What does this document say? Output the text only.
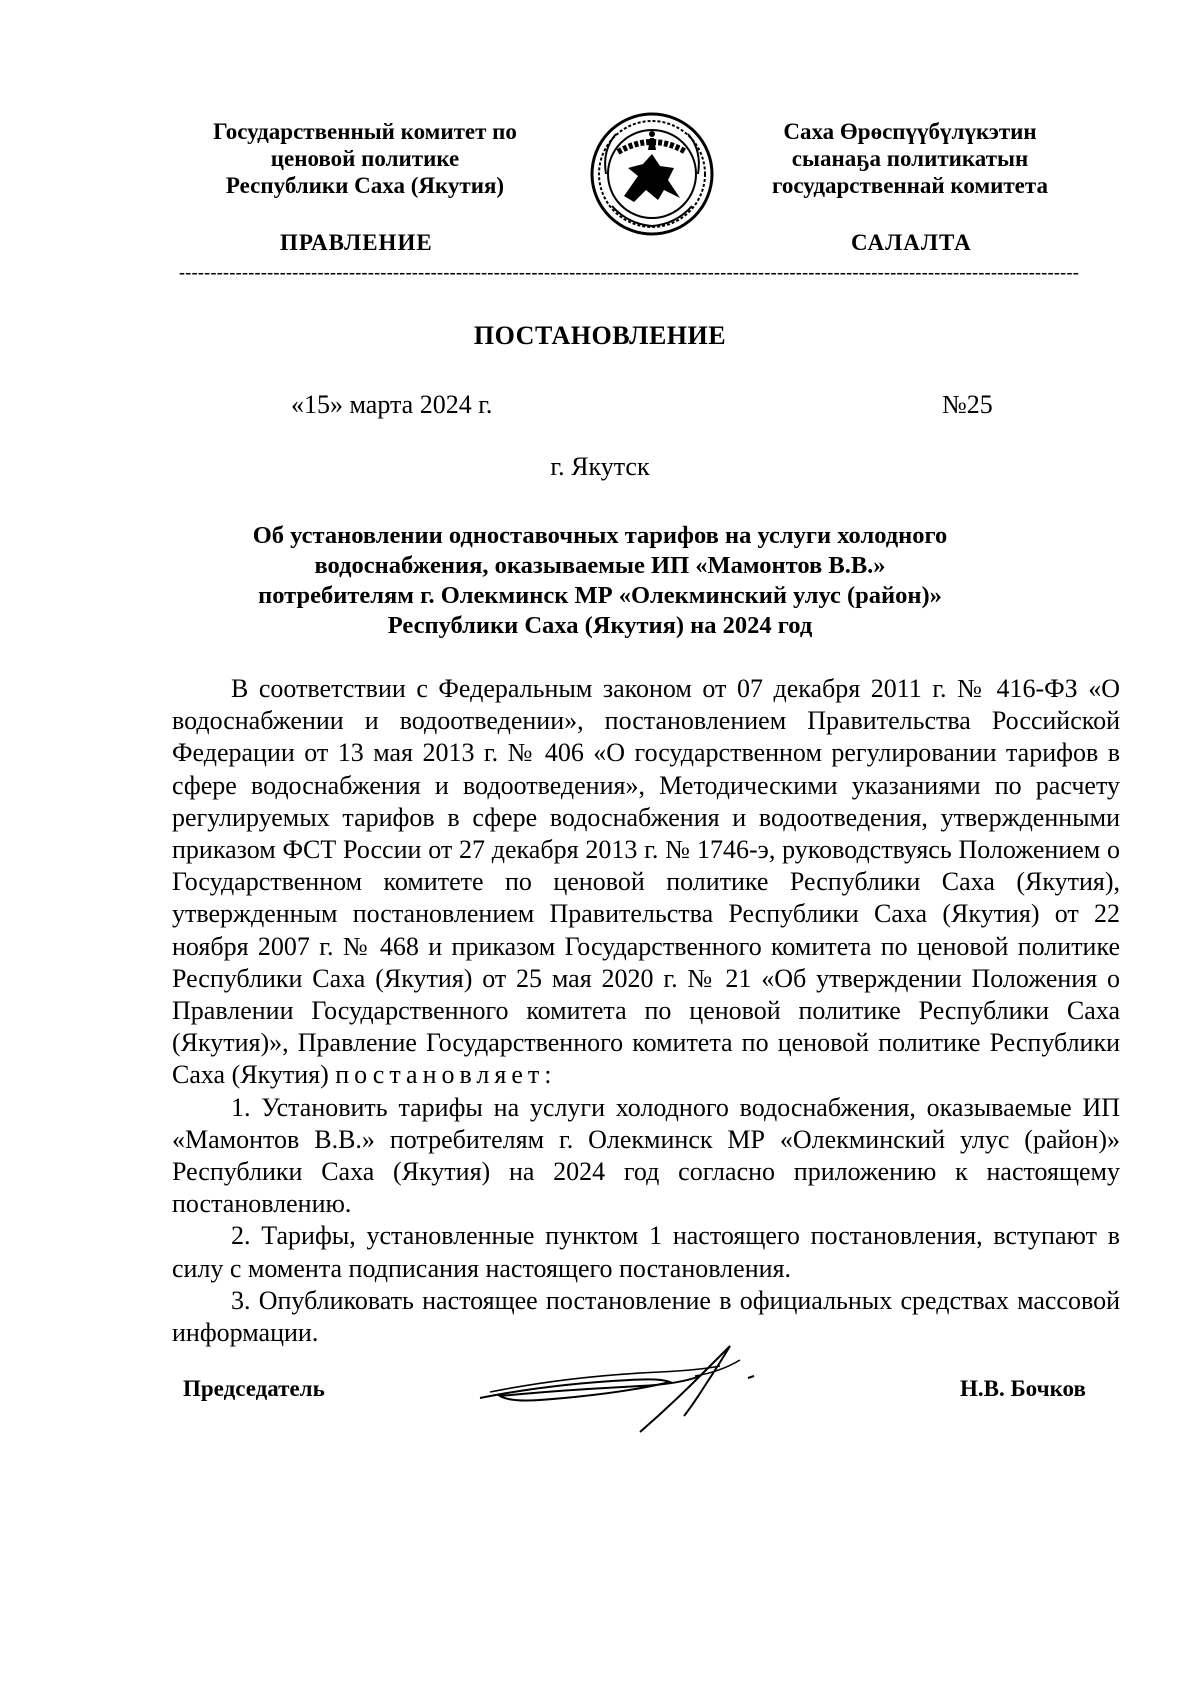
Государственный комитет по
ценовой политике
Республики Саха (Якутия)
Саха Өрөспүүбүлүкэтин
сыанаҕа политикатын
государственнай комитета
ПРАВЛЕНИЕ	САЛАЛТА
-----------------------------------------------------------------------------------------------------------------------------------------------
ПОСТАНОВЛЕНИЕ
«15» марта 2024 г.	№25
г. Якутск
Об установлении одноставочных тарифов на услуги холодного
водоснабжения, оказываемые ИП «Мамонтов В.В.»
потребителям г. Олекминск МР «Олекминский улус (район)»
Республики Саха (Якутия) на 2024 год

В соответствии с Федеральным законом от 07 декабря 2011 г. № 416-ФЗ «О водоснабжении и водоотведении», постановлением Правительства Российской Федерации от 13 мая 2013 г. № 406 «О государственном регулировании тарифов в сфере водоснабжения и водоотведения», Методическими указаниями по расчету регулируемых тарифов в сфере водоснабжения и водоотведения, утвержденными приказом ФСТ России от 27 декабря 2013 г. № 1746-э, руководствуясь Положением о Государственном комитете по ценовой политике Республики Саха (Якутия), утвержденным постановлением Правительства Республики Саха (Якутия) от 22 ноября 2007 г. № 468 и приказом Государственного комитета по ценовой политике Республики Саха (Якутия) от 25 мая 2020 г. № 21 «Об утверждении Положения о Правлении Государственного комитета по ценовой политике Республики Саха (Якутия)», Правление Государственного комитета по ценовой политике Республики Саха (Якутия) постановляет:

1. Установить тарифы на услуги холодного водоснабжения, оказываемые ИП «Мамонтов В.В.» потребителям г. Олекминск МР «Олекминский улус (район)» Республики Саха (Якутия) на 2024 год согласно приложению к настоящему постановлению.

2. Тарифы, установленные пунктом 1 настоящего постановления, вступают в силу с момента подписания настоящего постановления.

3. Опубликовать настоящее постановление в официальных средствах массовой информации.

Председатель	Н.В. Бочков
